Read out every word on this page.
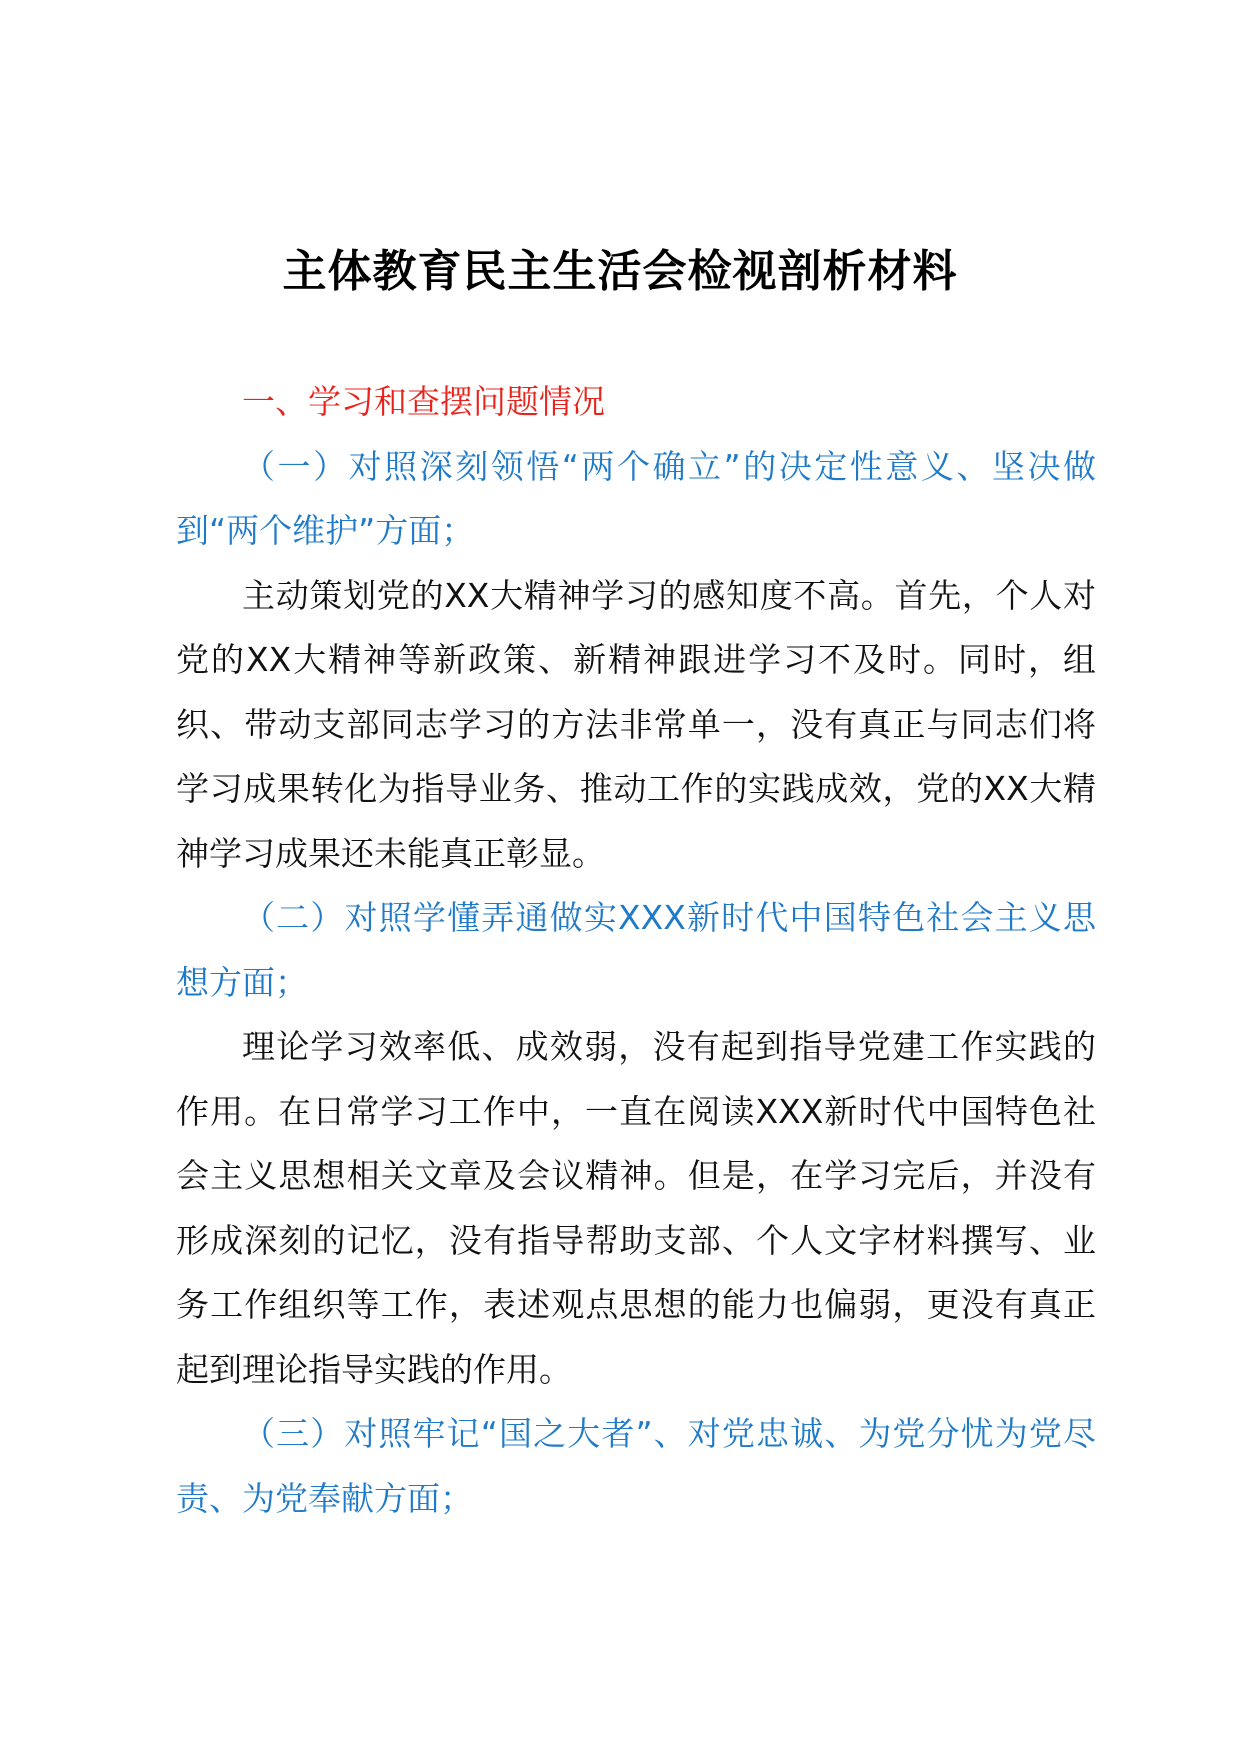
主体教育民主生活会检视剖析材料

一、学习和查摆问题情况

（一）对照深刻领悟“两个确立”的决定性意义、坚决做到“两个维护”方面；

主动策划党的XX大精神学习的感知度不高。首先，个人对党的XX大精神等新政策、新精神跟进学习不及时。同时，组织、带动支部同志学习的方法非常单一，没有真正与同志们将学习成果转化为指导业务、推动工作的实践成效，党的XX大精神学习成果还未能真正彰显。

（二）对照学懂弄通做实XXX新时代中国特色社会主义思想方面；

理论学习效率低、成效弱，没有起到指导党建工作实践的作用。在日常学习工作中，一直在阅读XXX新时代中国特色社会主义思想相关文章及会议精神。但是，在学习完后，并没有形成深刻的记忆，没有指导帮助支部、个人文字材料撰写、业务工作组织等工作，表述观点思想的能力也偏弱，更没有真正起到理论指导实践的作用。

（三）对照牢记“国之大者”、对党忠诚、为党分忧为党尽责、为党奉献方面；
